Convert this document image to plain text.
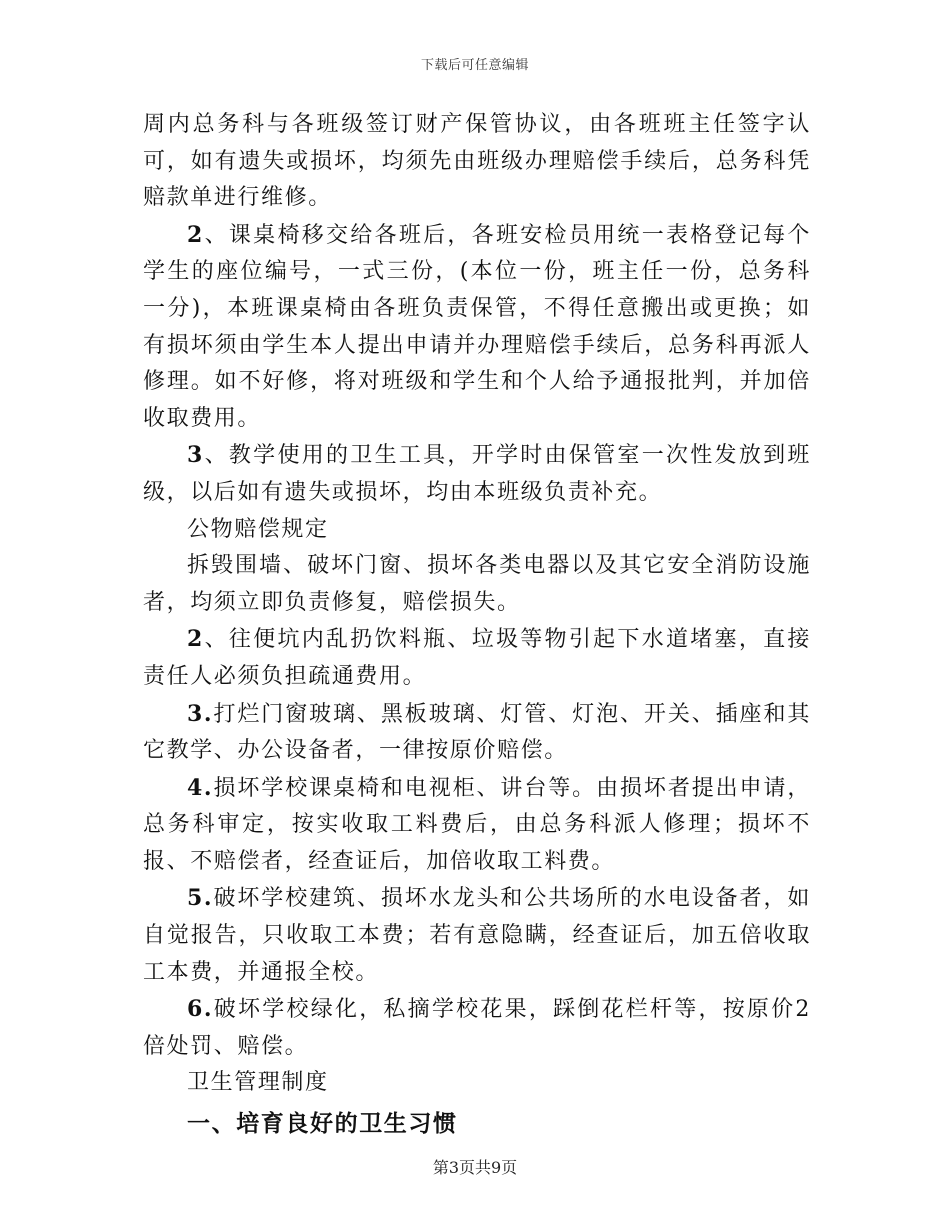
下载后可任意编辑

周内总务科与各班级签订财产保管协议，由各班班主任签字认可，如有遗失或损坏，均须先由班级办理赔偿手续后，总务科凭赔款单进行维修。

2、课桌椅移交给各班后，各班安检员用统一表格登记每个学生的座位编号，一式三份，(本位一份，班主任一份，总务科一分)，本班课桌椅由各班负责保管，不得任意搬出或更换；如有损坏须由学生本人提出申请并办理赔偿手续后，总务科再派人修理。如不好修，将对班级和学生和个人给予通报批判，并加倍收取费用。

3、教学使用的卫生工具，开学时由保管室一次性发放到班级，以后如有遗失或损坏，均由本班级负责补充。

公物赔偿规定

拆毁围墙、破坏门窗、损坏各类电器以及其它安全消防设施者，均须立即负责修复，赔偿损失。

2、往便坑内乱扔饮料瓶、垃圾等物引起下水道堵塞，直接责任人必须负担疏通费用。

3.打烂门窗玻璃、黑板玻璃、灯管、灯泡、开关、插座和其它教学、办公设备者，一律按原价赔偿。

4.损坏学校课桌椅和电视柜、讲台等。由损坏者提出申请，总务科审定，按实收取工料费后，由总务科派人修理；损坏不报、不赔偿者，经查证后，加倍收取工料费。

5.破坏学校建筑、损坏水龙头和公共场所的水电设备者，如自觉报告，只收取工本费；若有意隐瞒，经查证后，加五倍收取工本费，并通报全校。

6.破坏学校绿化，私摘学校花果，踩倒花栏杆等，按原价2倍处罚、赔偿。

卫生管理制度

一、培育良好的卫生习惯

第3页共9页
